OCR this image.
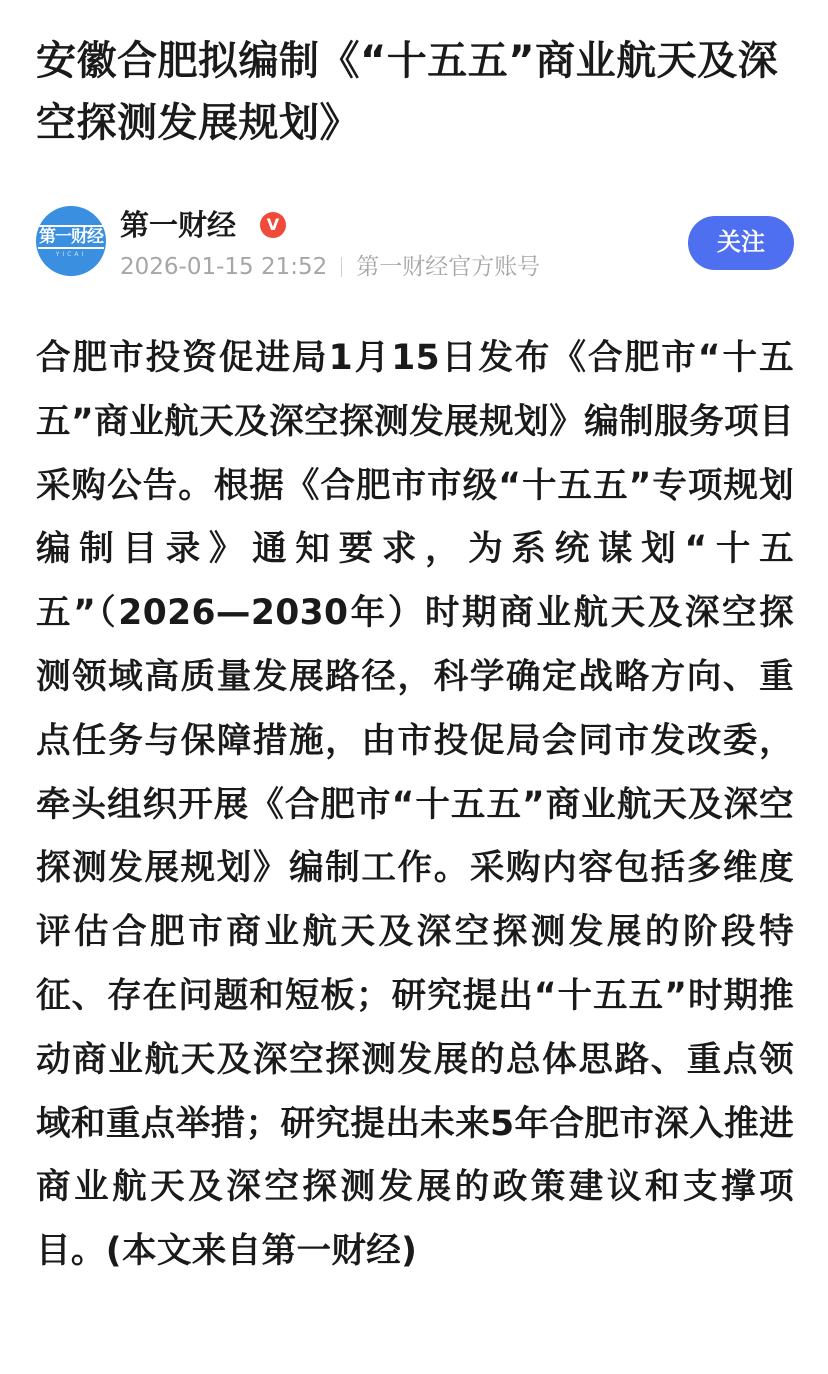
安徽合肥拟编制《“十五五”商业航天及深空探测发展规划》
第一财经
YICAI
第一财经	V
2026-01-15 21:52 第一财经官方账号
关注

合肥市投资促进局1月15日发布《合肥市“十五五”商业航天及深空探测发展规划》编制服务项目采购公告。根据《合肥市市级“十五五”专项规划编制目录》通知要求，为系统谋划“十五五”（2026—2030年）时期商业航天及深空探测领域高质量发展路径，科学确定战略方向、重点任务与保障措施，由市投促局会同市发改委，牵头组织开展《合肥市“十五五”商业航天及深空探测发展规划》编制工作。采购内容包括多维度评估合肥市商业航天及深空探测发展的阶段特征、存在问题和短板；研究提出“十五五”时期推动商业航天及深空探测发展的总体思路、重点领域和重点举措；研究提出未来5年合肥市深入推进商业航天及深空探测发展的政策建议和支撑项目。(本文来自第一财经)
